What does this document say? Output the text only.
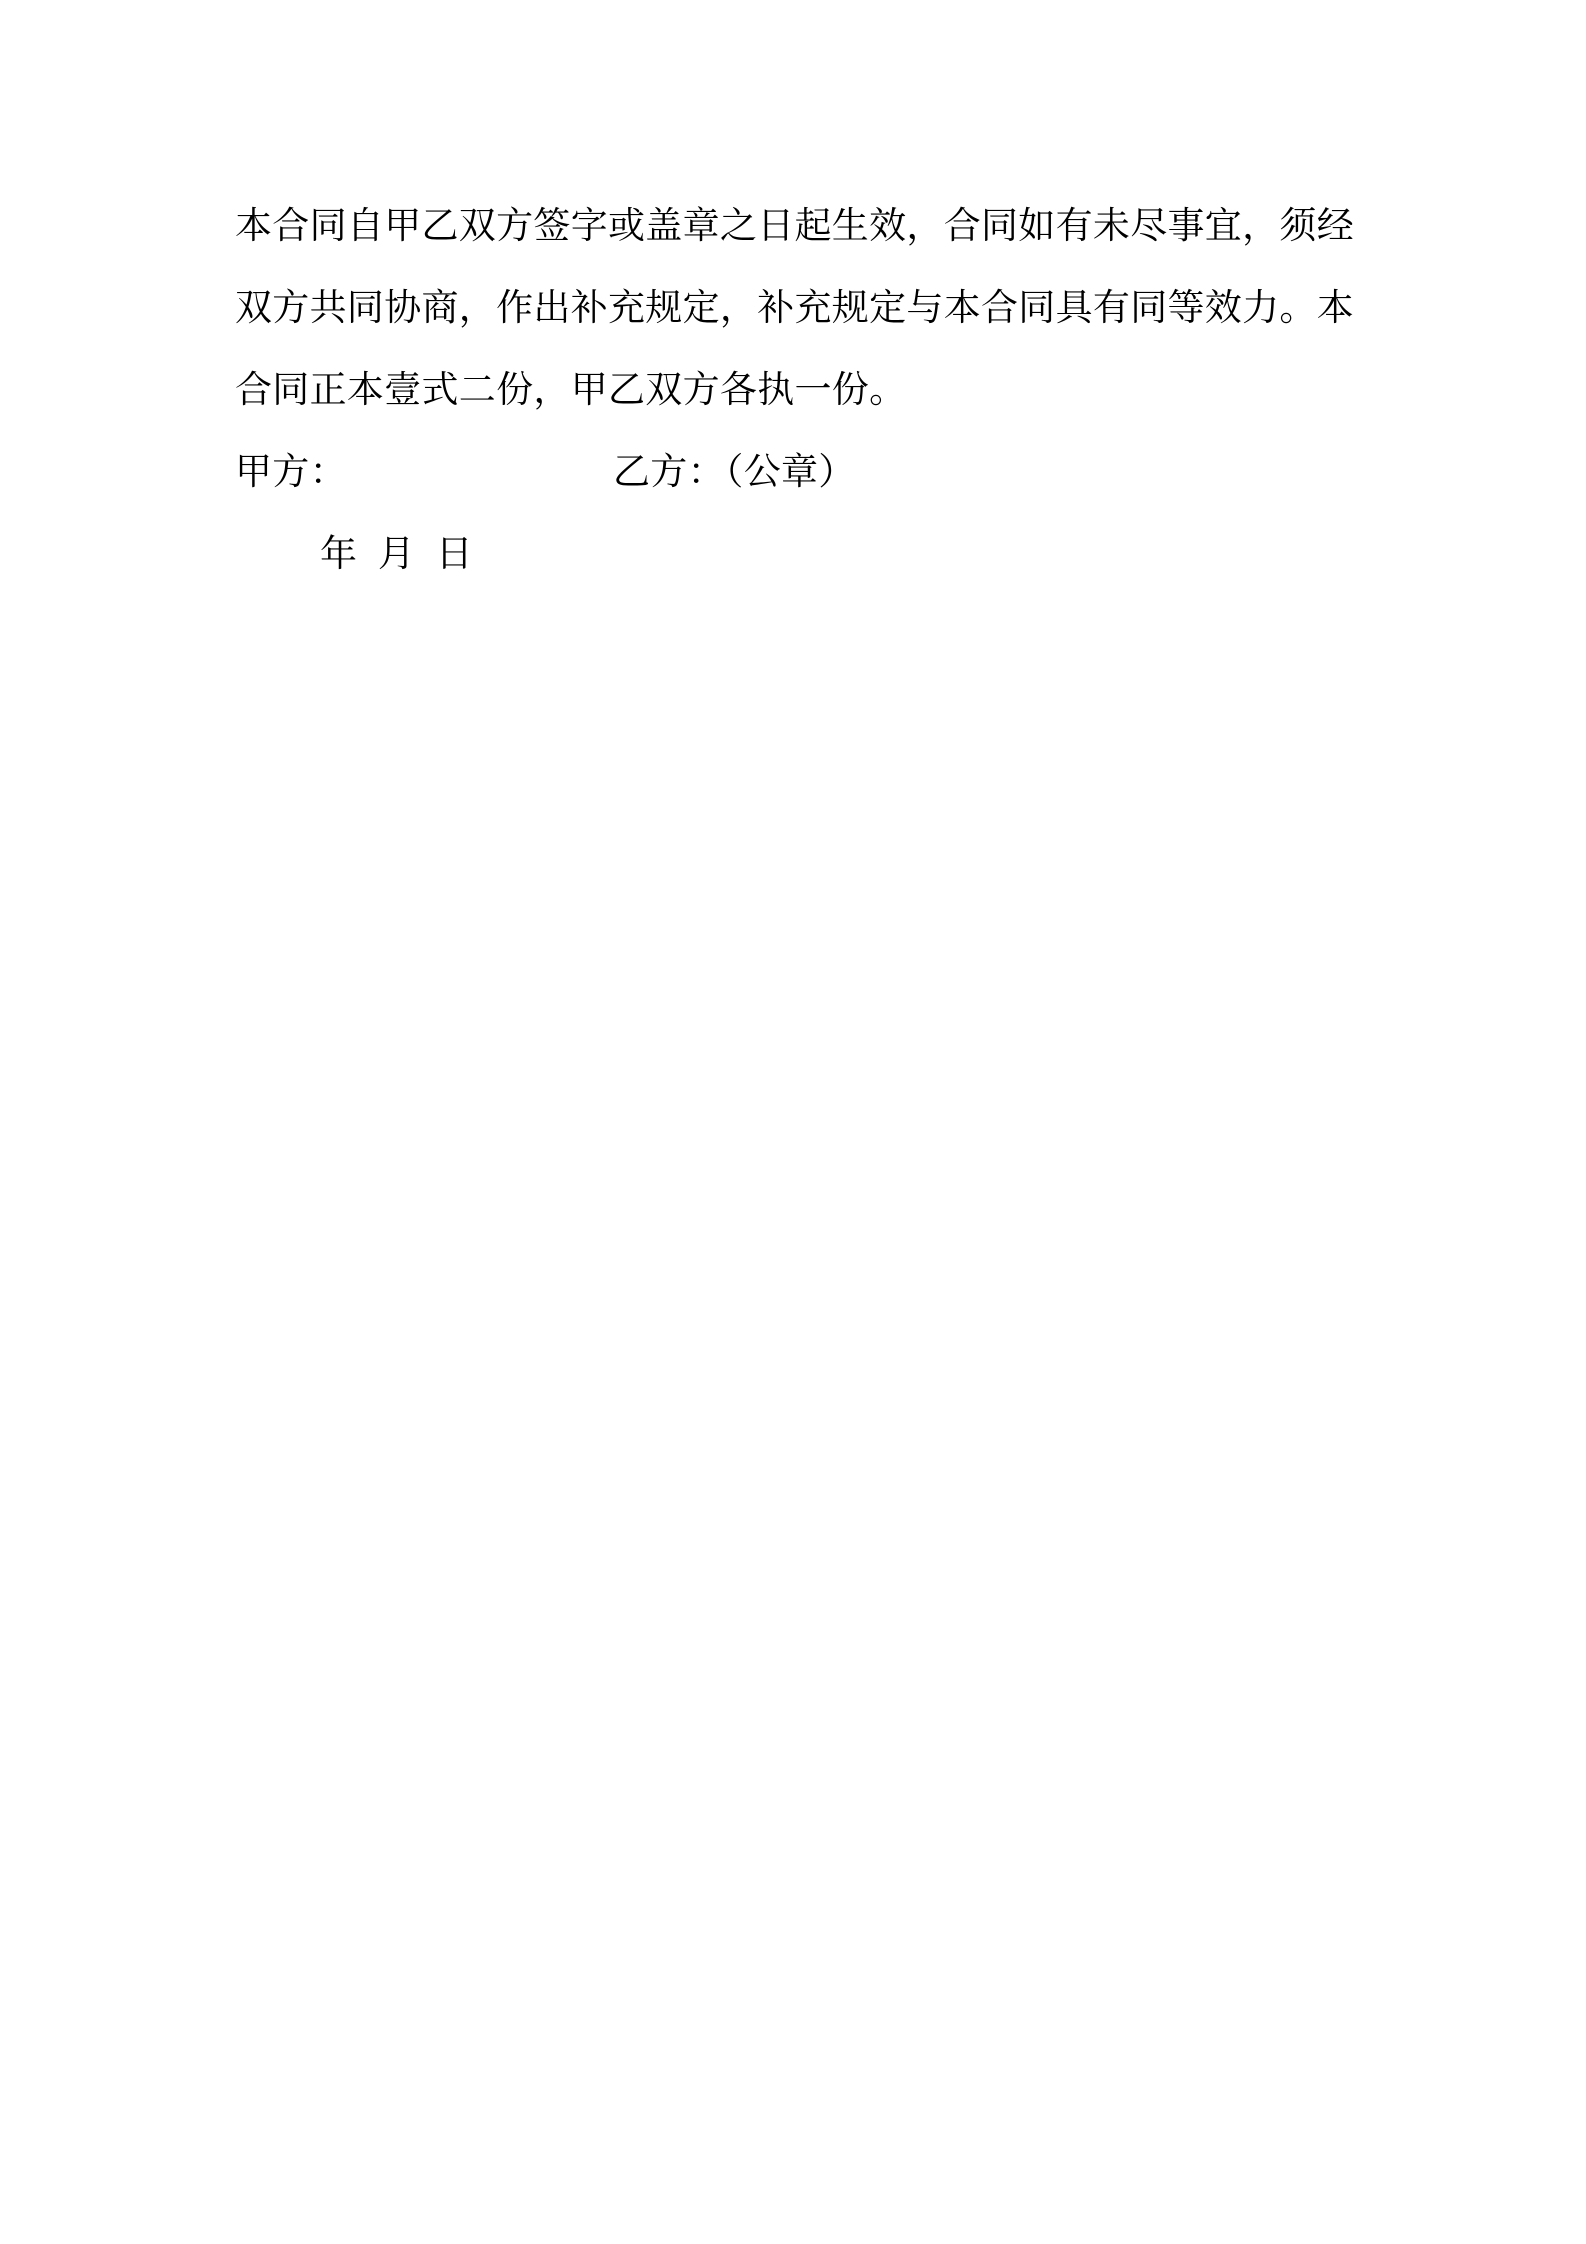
本合同自甲乙双方签字或盖章之日起生效，合同如有未尽事宜，须经
双方共同协商，作出补充规定，补充规定与本合同具有同等效力。本
合同正本壹式二份，甲乙双方各执一份。
甲方：	乙方：（公章）
年 月 日
